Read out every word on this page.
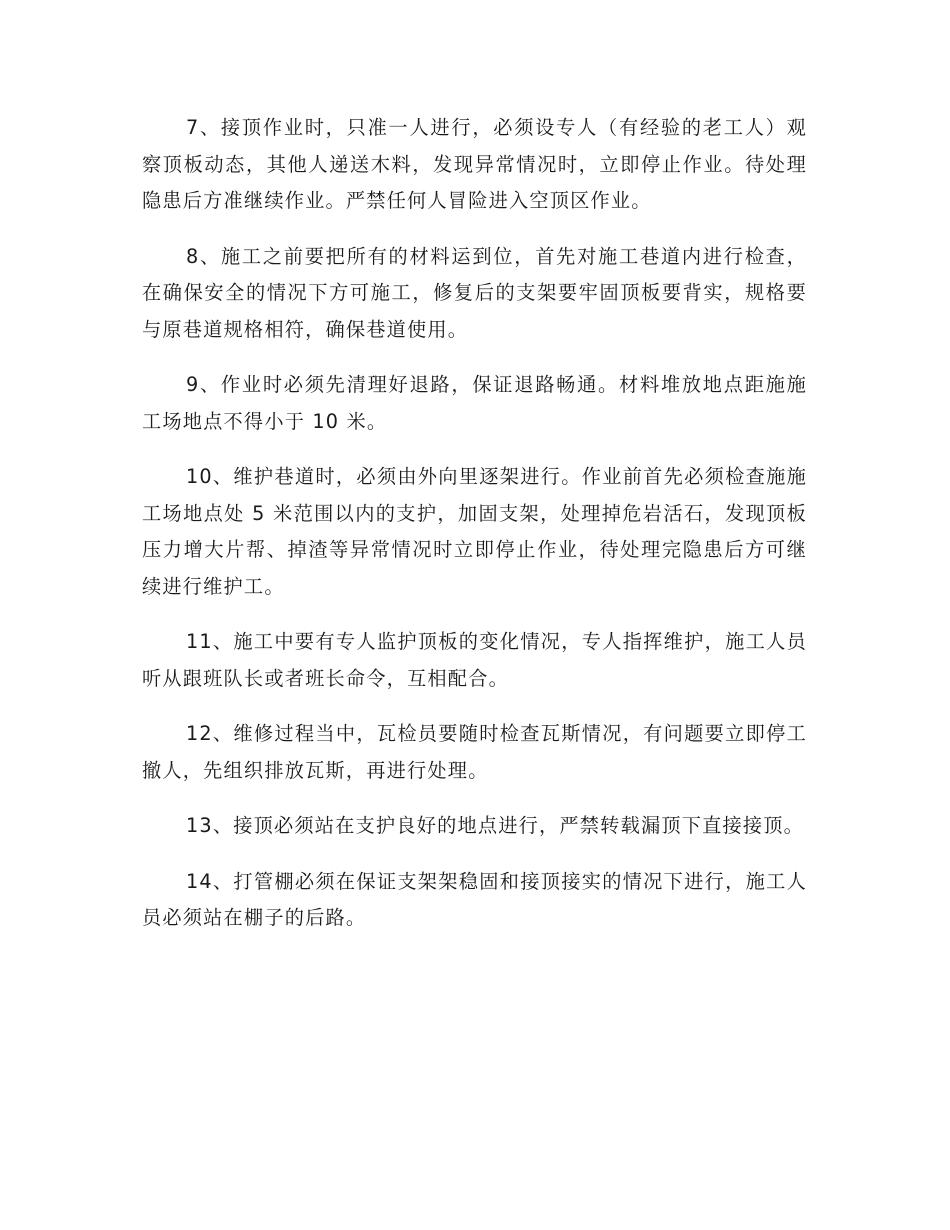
7、接顶作业时，只准一人进行，必须设专人（有经验的老工人）观察顶板动态，其他人递送木料，发现异常情况时，立即停止作业。待处理隐患后方准继续作业。严禁任何人冒险进入空顶区作业。

8、施工之前要把所有的材料运到位，首先对施工巷道内进行检查，在确保安全的情况下方可施工，修复后的支架要牢固顶板要背实，规格要与原巷道规格相符，确保巷道使用。

9、作业时必须先清理好退路，保证退路畅通。材料堆放地点距施施工场地点不得小于 10 米。

10、维护巷道时，必须由外向里逐架进行。作业前首先必须检查施施工场地点处 5 米范围以内的支护，加固支架，处理掉危岩活石，发现顶板压力增大片帮、掉渣等异常情况时立即停止作业，待处理完隐患后方可继续进行维护工。

11、施工中要有专人监护顶板的变化情况，专人指挥维护，施工人员听从跟班队长或者班长命令，互相配合。

12、维修过程当中，瓦检员要随时检查瓦斯情况，有问题要立即停工撤人，先组织排放瓦斯，再进行处理。

13、接顶必须站在支护良好的地点进行，严禁转载漏顶下直接接顶。

14、打管棚必须在保证支架架稳固和接顶接实的情况下进行，施工人员必须站在棚子的后路。
